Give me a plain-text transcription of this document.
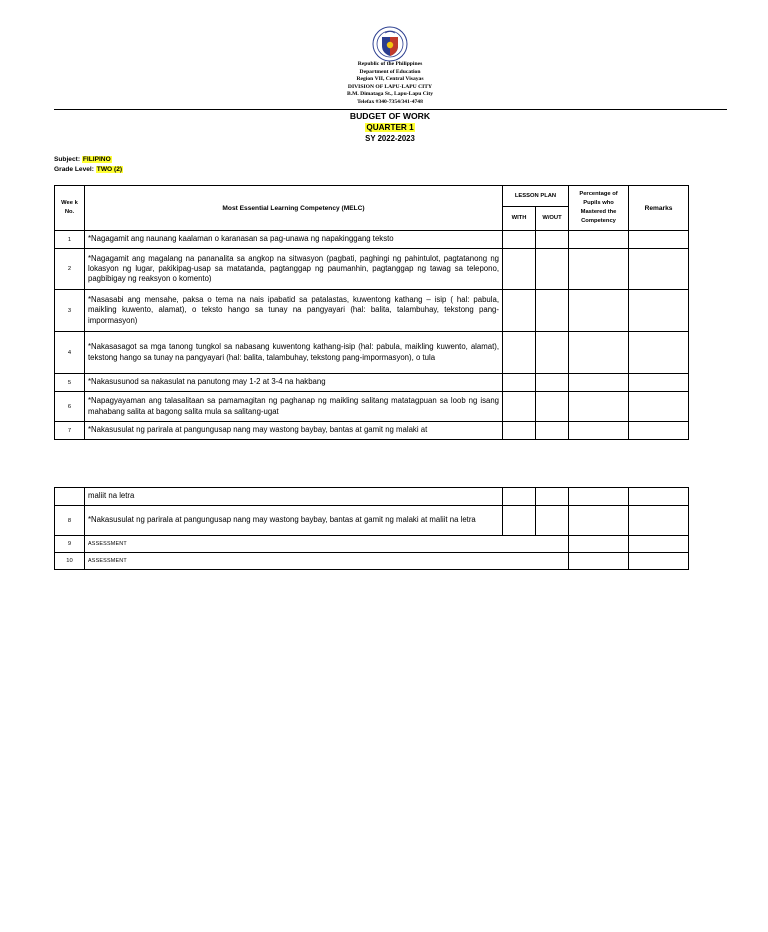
Republic of the Philippines
Department of Education
Region VII, Central Visayas
DIVISION OF LAPU-LAPU CITY
B.M. Dimataga St., Lapu-Lapu City
Telefax #340-7354/341-4748
BUDGET OF WORK
QUARTER 1
SY 2022-2023
Subject: FILIPINO
Grade Level: TWO (2)
Wee k No.	Most Essential Learning Competency (MELC)	LESSON PLAN		Percentage of Pupils who Mastered the Competency	Remarks
		WITH	W/OUT		
1	*Nagagamit ang naunang kaalaman o karanasan sa pag-unawa ng napakinggang teksto				
2	*Nagagamit ang magalang na pananalita sa angkop na sitwasyon (pagbati, paghingi ng pahintulot, pagtatanong ng lokasyon ng lugar, pakikipag-usap sa matatanda, pagtanggap ng paumanhin, pagtanggap ng tawag sa telepono, pagbibigay ng reaksyon o komento)				
3	*Nasasabi ang mensahe, paksa o tema na nais ipabatid sa patalastas, kuwentong kathang – isip ( hal: pabula, maikling kuwento, alamat), o teksto hango sa tunay na pangyayari (hal: balita, talambuhay, tekstong pang-impormasyon)				
4	*Nakasasagot sa mga tanong tungkol sa nabasang kuwentong kathang-isip (hal: pabula, maikling kuwento, alamat), tekstong hango sa tunay na pangyayari (hal: balita, talambuhay, tekstong pang-impormasyon), o tula				
5	*Nakasusunod sa nakasulat na panutong may 1-2 at 3-4 na hakbang				
6	*Napagyayaman ang talasalitaan sa pamamagitan ng paghanap ng maikling salitang matatagpuan sa loob ng isang mahabang salita at bagong salita mula sa salitang-ugat				
7	*Nakasusulat ng parirala at pangungusap nang may wastong baybay, bantas at gamit ng malaki at				
	maliit na letra				
8	*Nakasusulat ng parirala at pangungusap nang may wastong baybay, bantas at gamit ng malaki at maliit na letra				
9	ASSESSMENT				
10	ASSESSMENT				
